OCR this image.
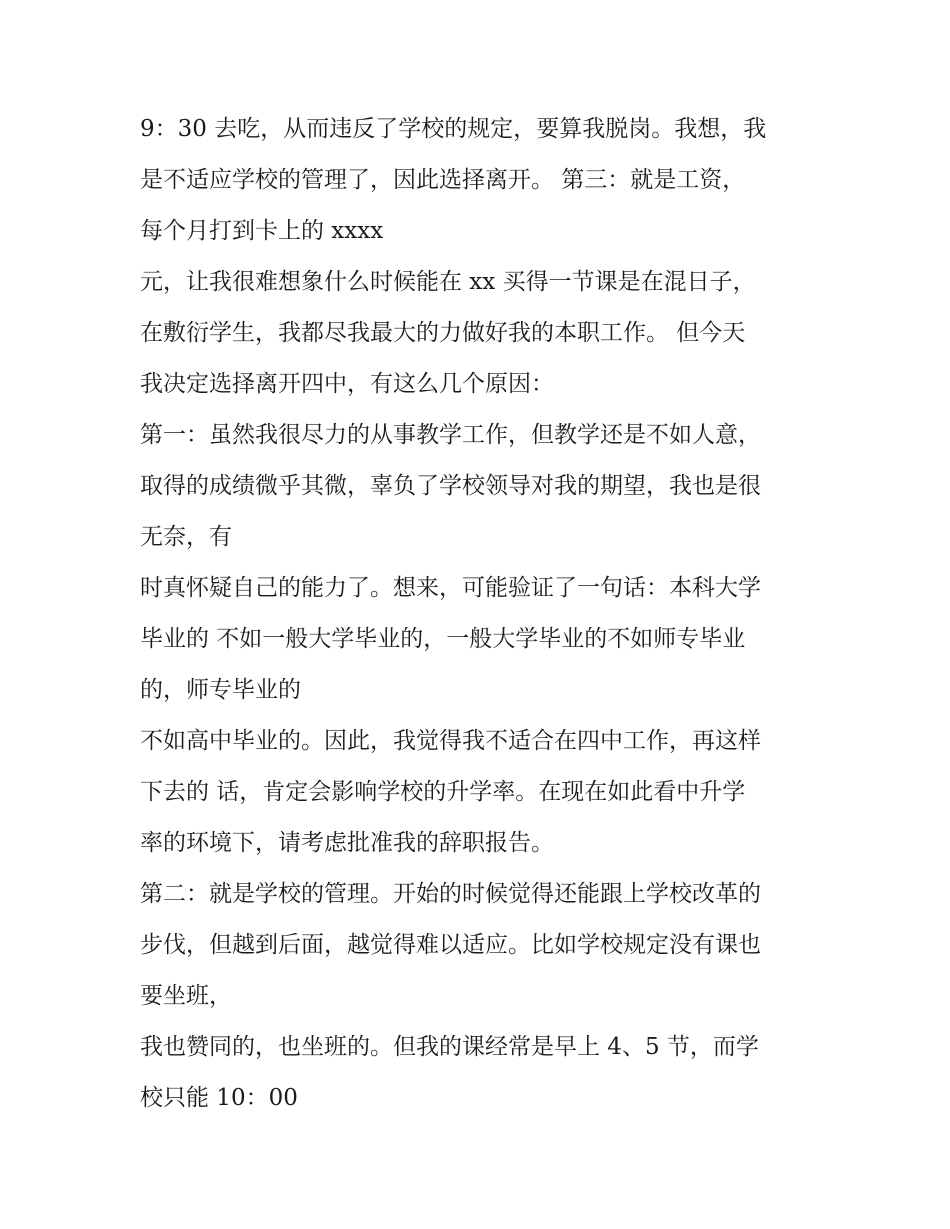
9：30 去吃，从而违反了学校的规定，要算我脱岗。我想，我
是不适应学校的管理了，因此选择离开。 第三：就是工资，
每个月打到卡上的 xxxx
元，让我很难想象什么时候能在 xx 买得一节课是在混日子，
在敷衍学生，我都尽我最大的力做好我的本职工作。 但今天
我决定选择离开四中，有这么几个原因：
第一：虽然我很尽力的从事教学工作，但教学还是不如人意，
取得的成绩微乎其微，辜负了学校领导对我的期望，我也是很
无奈，有
时真怀疑自己的能力了。想来，可能验证了一句话：本科大学
毕业的 不如一般大学毕业的，一般大学毕业的不如师专毕业
的，师专毕业的
不如高中毕业的。因此，我觉得我不适合在四中工作，再这样
下去的 话，肯定会影响学校的升学率。在现在如此看中升学
率的环境下，请考虑批准我的辞职报告。
第二：就是学校的管理。开始的时候觉得还能跟上学校改革的
步伐，但越到后面，越觉得难以适应。比如学校规定没有课也
要坐班，
我也赞同的，也坐班的。但我的课经常是早上 4、5 节，而学
校只能 10：00
